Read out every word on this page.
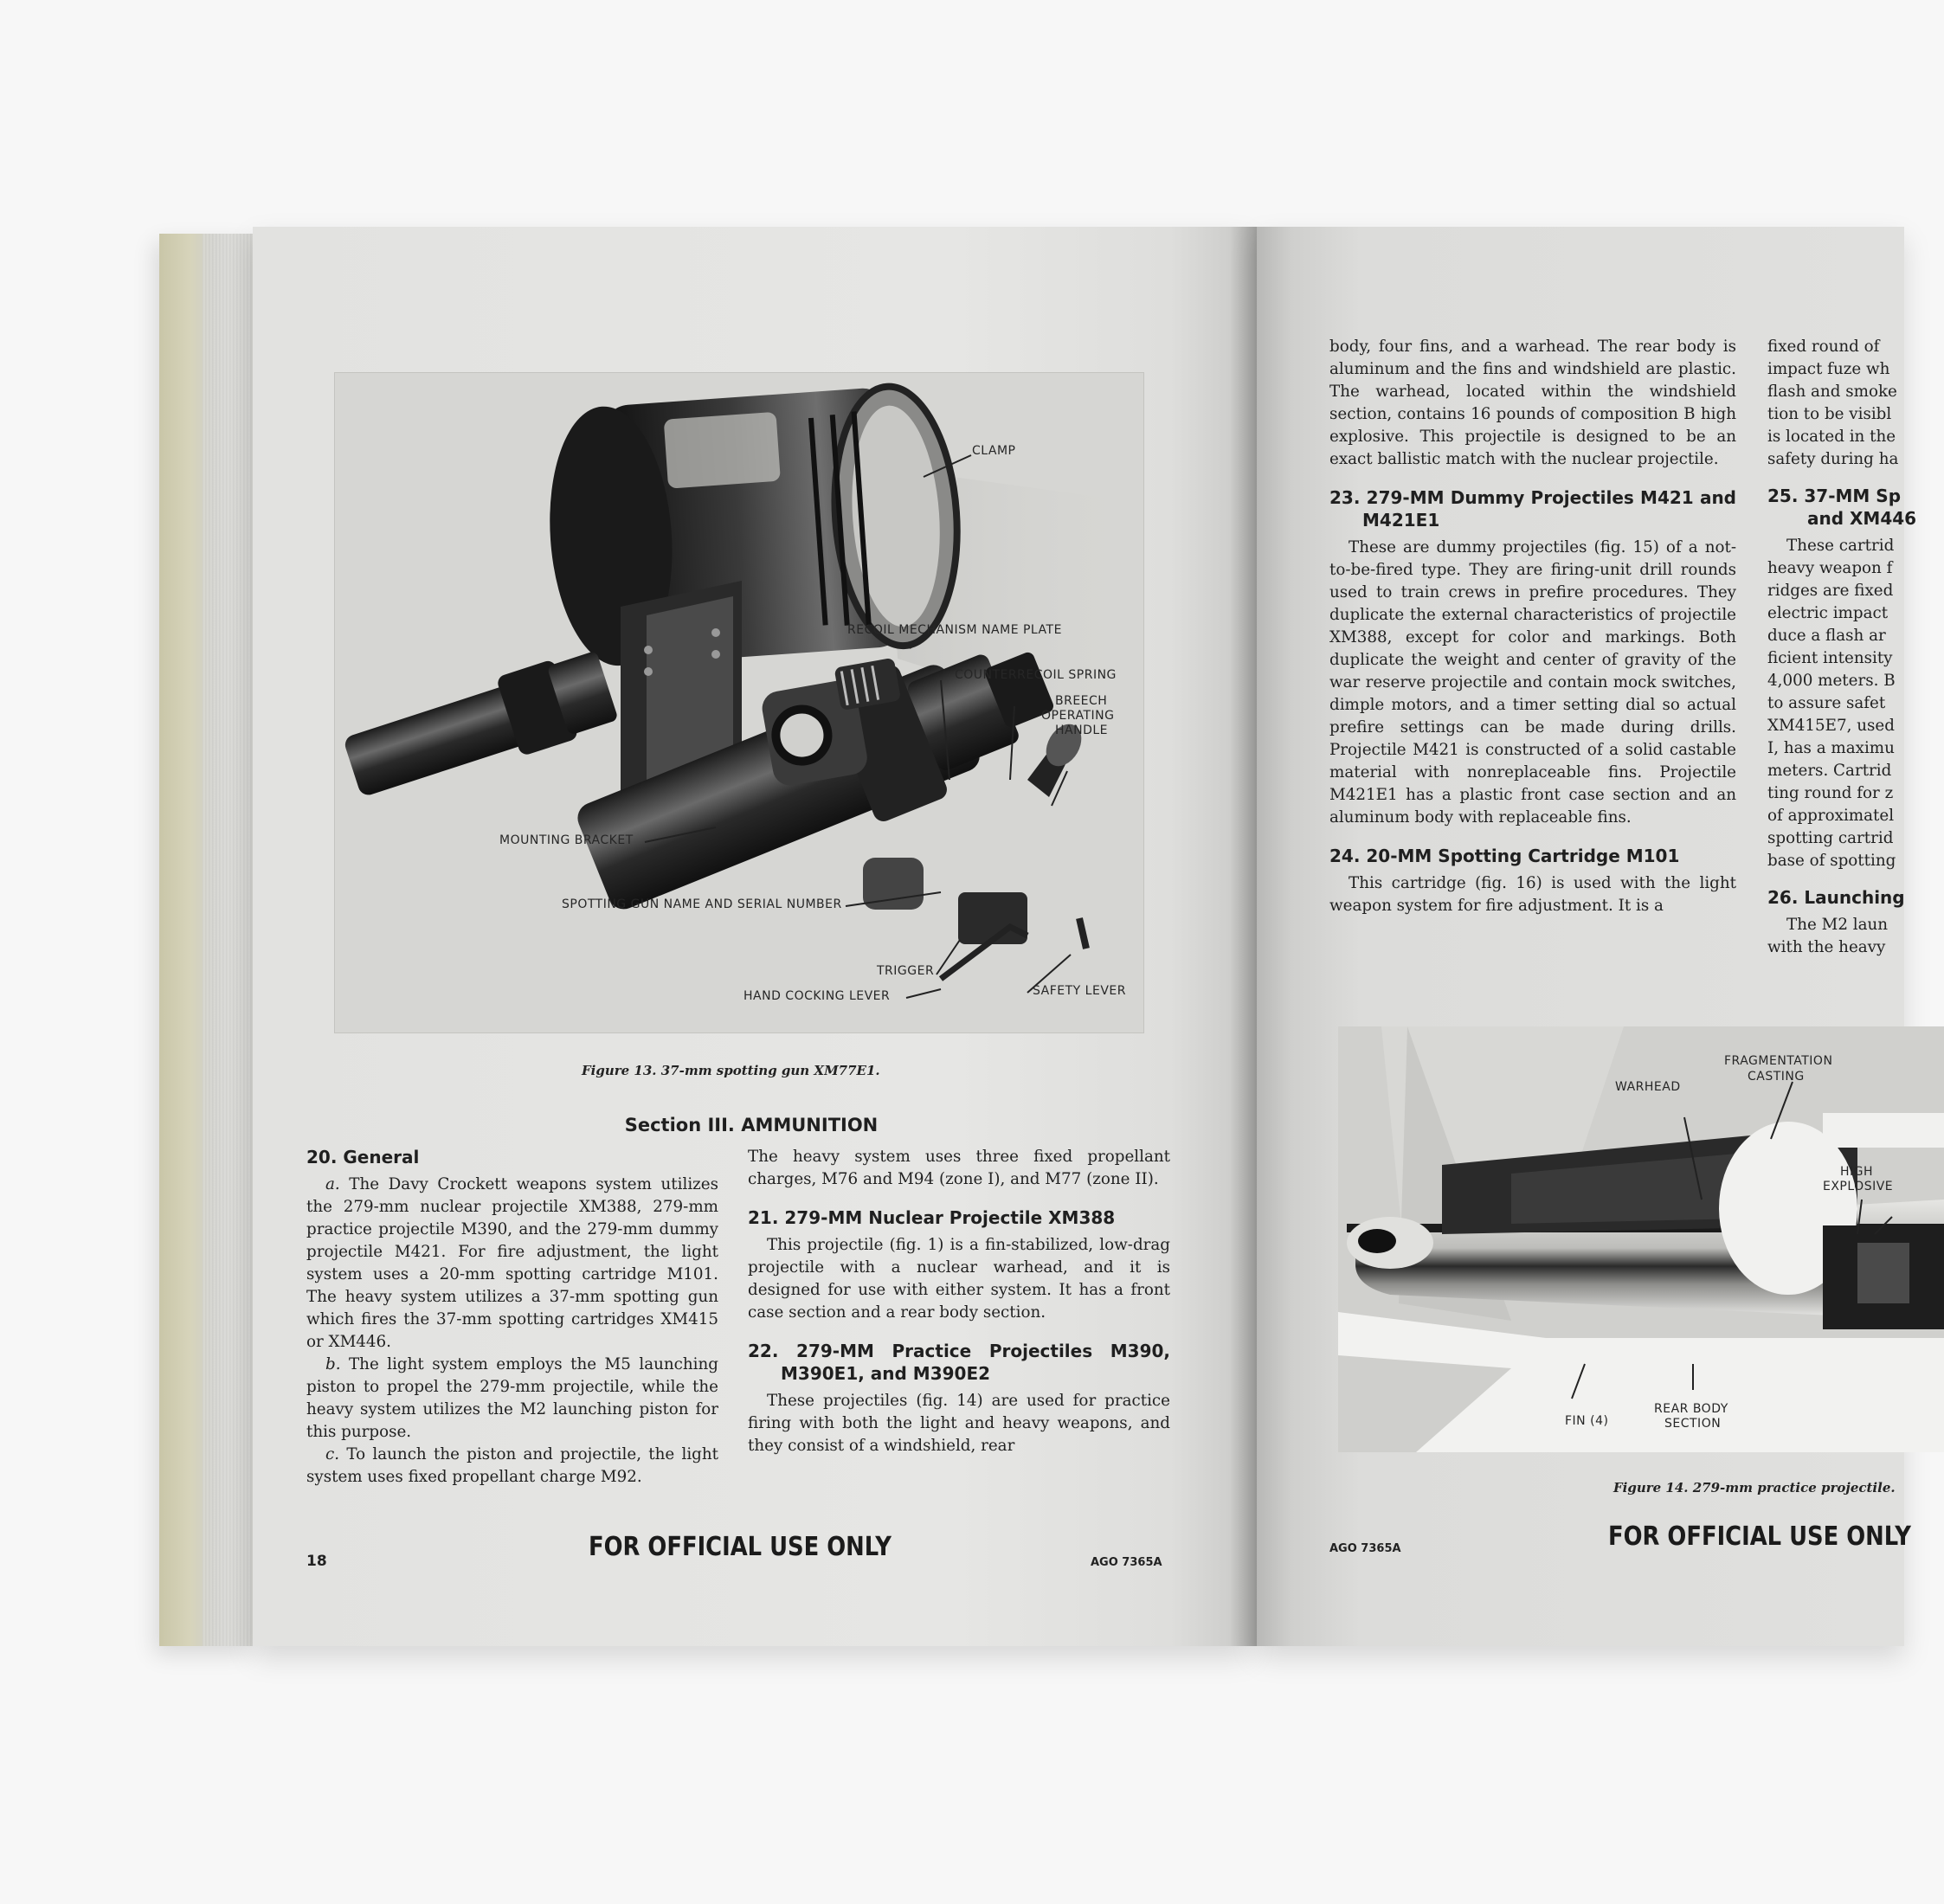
CLAMP
RECOIL MECHANISM NAME PLATE
COUNTERRECOIL SPRING
BREECH
OPERATING
HANDLE
MOUNTING BRACKET
SPOTTING GUN NAME AND SERIAL NUMBER
TRIGGER
HAND COCKING LEVER	SAFETY LEVER
Figure 13. 37-mm spotting gun XM77E1.
Section III. AMMUNITION
20. General

a. The Davy Crockett weapons system utilizes the 279-mm nuclear projectile XM388, 279-mm practice projectile M390, and the 279-mm dummy projectile M421. For fire adjustment, the light system uses a 20-mm spotting cartridge M101. The heavy system utilizes a 37-mm spotting gun which fires the 37-mm spotting cartridges XM415 or XM446.

b. The light system employs the M5 launching piston to propel the 279-mm projectile, while the heavy system utilizes the M2 launching piston for this purpose.

c. To launch the piston and projectile, the light system uses fixed propellant charge M92.

The heavy system uses three fixed propellant charges, M76 and M94 (zone I), and M77 (zone II).

21. 279-MM Nuclear Projectile XM388

This projectile (fig. 1) is a fin-stabilized, low-drag projectile with a nuclear warhead, and it is designed for use with either system. It has a front case section and a rear body section.

22. 279-MM Practice Projectiles M390, M390E1, and M390E2

These projectiles (fig. 14) are used for practice firing with both the light and heavy weapons, and they consist of a windshield, rear

18	FOR OFFICIAL USE ONLY
AGO 7365A

body, four fins, and a warhead. The rear body is aluminum and the fins and windshield are plastic. The warhead, located within the windshield section, contains 16 pounds of composition B high explosive. This projectile is designed to be an exact ballistic match with the nuclear projectile.

23. 279-MM Dummy Projectiles M421 and M421E1

These are dummy projectiles (fig. 15) of a not-to-be-fired type. They are firing-unit drill rounds used to train crews in prefire procedures. They duplicate the external characteristics of projectile XM388, except for color and markings. Both duplicate the weight and center of gravity of the war reserve projectile and contain mock switches, dimple motors, and a timer setting dial so actual prefire settings can be made during drills. Projectile M421 is constructed of a solid castable material with nonreplaceable fins. Projectile M421E1 has a plastic front case section and an aluminum body with replaceable fins.

24. 20-MM Spotting Cartridge M101

This cartridge (fig. 16) is used with the light weapon system for fire adjustment. It is a

fixed round of
impact fuze wh
flash and smoke
tion to be visibl
is located in the
safety during ha
25. 37-MM Sp
and XM446
These cartrid
heavy weapon f
ridges are fixed
electric impact
duce a flash ar
ficient intensity
4,000 meters. B
to assure safet
XM415E7, used
I, has a maximu
meters. Cartrid
ting round for z
of approximatel
spotting cartrid
base of spotting
26. Launching
The M2 laun
with the heavy
FRAGMENTATION
CASTING
WARHEAD
HIGH
EXPLOSIVE
REAR BODY
SECTION
FIN (4)
Figure 14. 279-mm practice projectile.
AGO 7365A	FOR OFFICIAL USE ONLY
